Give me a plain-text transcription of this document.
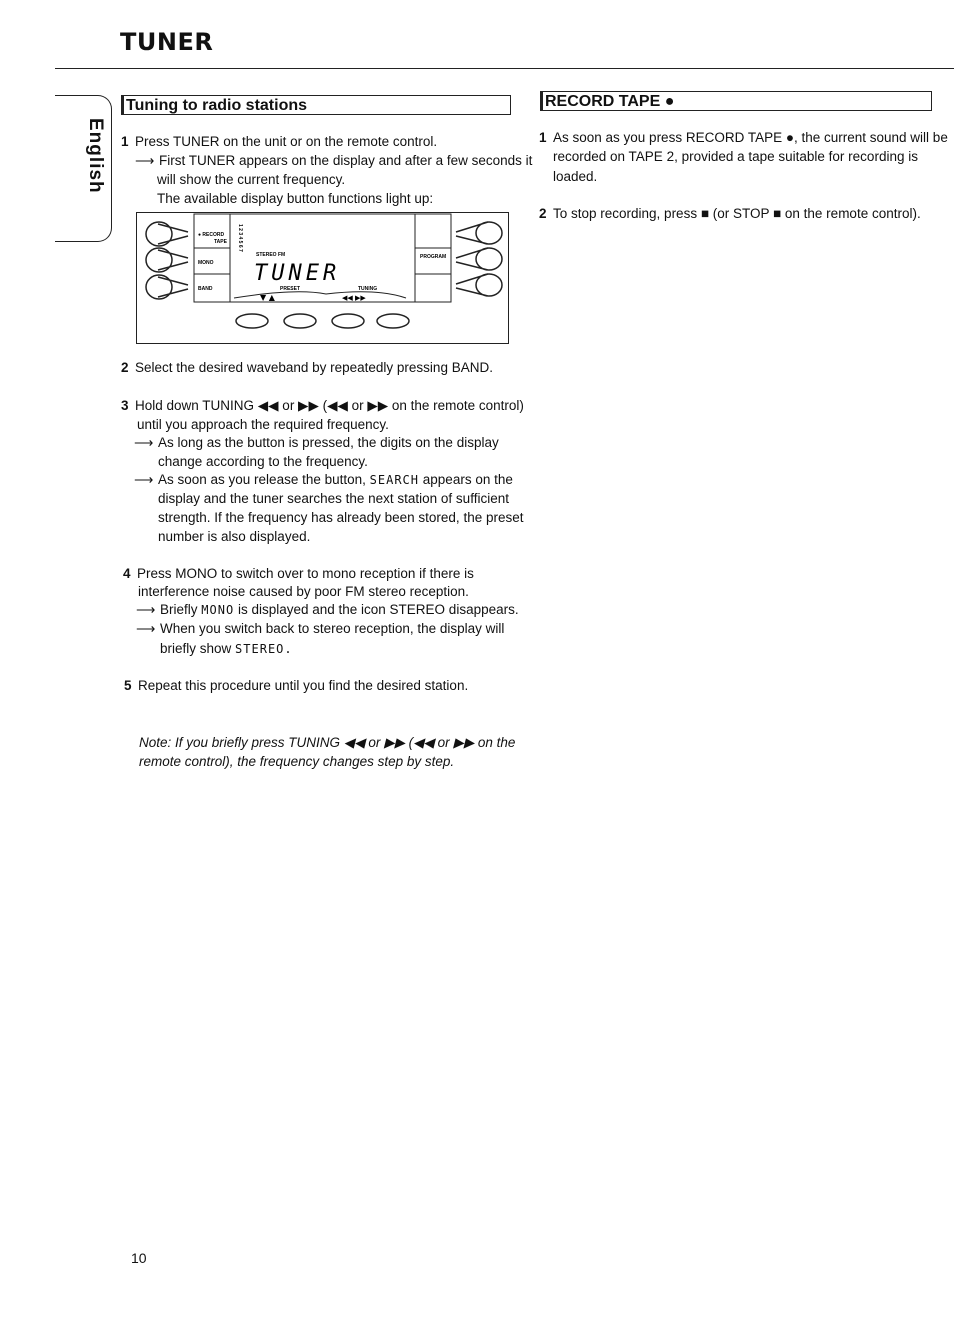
TUNER
English
Tuning to radio stations
1 Press TUNER on the unit or on the remote control.
⟶ First TUNER appears on the display and after a few seconds it
will show the current frequency.
The available display button functions light up:
● RECORD
TAPE
MONO
BAND
PROGRAM
STEREO FM
1 2 3 4 5 6 7
TUNER
PRESET	TUNING
▼ ▲	◀◀ ▶▶
2 Select the desired waveband by repeatedly pressing BAND.
3 Hold down TUNING ◀◀ or ▶▶ (◀◀ or ▶▶ on the remote control)
until you approach the required frequency.
⟶ As long as the button is pressed, the digits on the display
change according to the frequency.
⟶ As soon as you release the button, SEARCH appears on the
display and the tuner searches the next station of sufficient
strength. If the frequency has already been stored, the preset
number is also displayed.
4 Press MONO to switch over to mono reception if there is
interference noise caused by poor FM stereo reception.
⟶ Briefly MONO is displayed and the icon STEREO disappears.
⟶ When you switch back to stereo reception, the display will
briefly show STEREO.
5 Repeat this procedure until you find the desired station.
Note: If you briefly press TUNING ◀◀ or ▶▶ (◀◀ or ▶▶ on the
remote control), the frequency changes step by step.
RECORD TAPE ●
1 As soon as you press RECORD TAPE ●, the current sound will be
recorded on TAPE 2, provided a tape suitable for recording is
loaded.
2 To stop recording, press ■ (or STOP ■ on the remote control).
10
